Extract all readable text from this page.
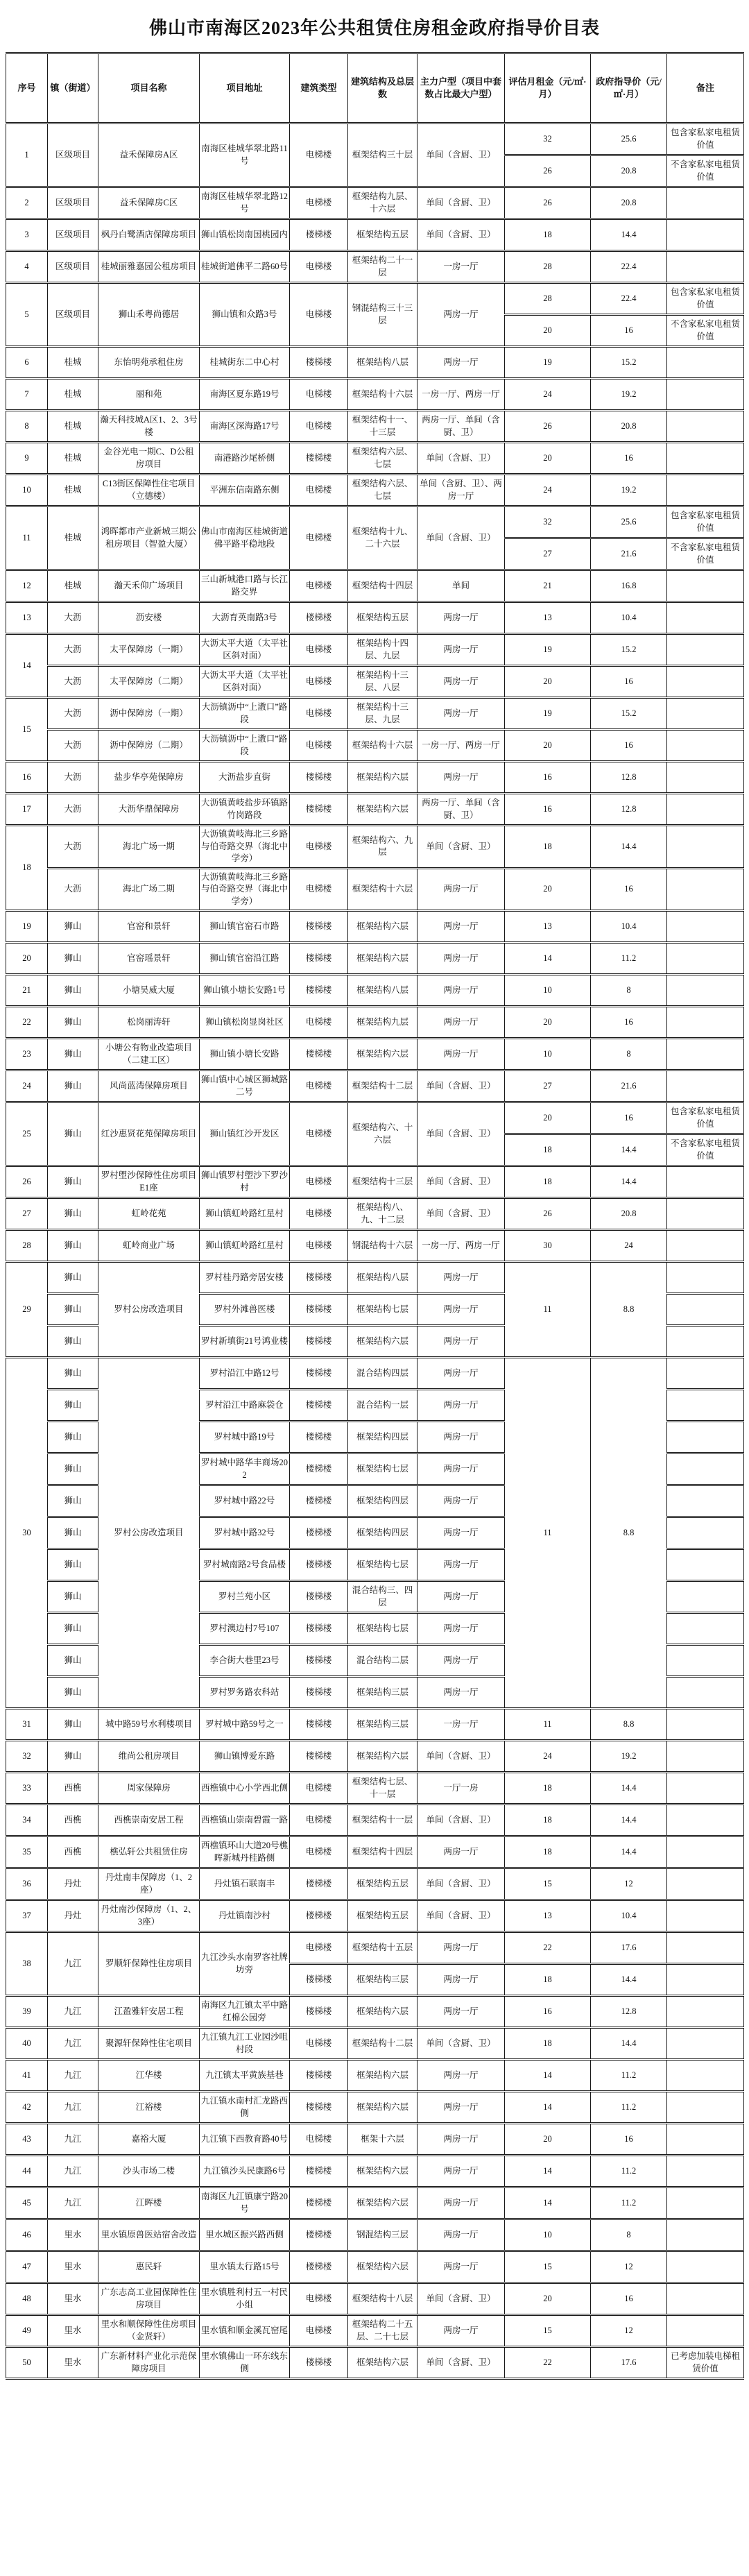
佛山市南海区2023年公共租赁住房租金政府指导价目表
序号	镇（街道）	项目名称	项目地址	建筑类型	建筑结构及总层数	主力户型（项目中套数占比最大户型）	评估月租金（元/㎡·月）	政府指导价（元/㎡·月）	备注
1	区级项目	益禾保障房A区	南海区桂城华翠北路11号	电梯楼	框架结构三十层	单间（含厨、卫）	32	25.6	包含家私家电租赁价值
							26	20.8	不含家私家电租赁价值
2	区级项目	益禾保障房C区	南海区桂城华翠北路12号	电梯楼	框架结构九层、十六层	单间（含厨、卫）	26	20.8	
3	区级项目	枫丹白鹭酒店保障房项目	狮山镇松岗南国桃园内	楼梯楼	框架结构五层	单间（含厨、卫）	18	14.4	
4	区级项目	桂城丽雅嘉园公租房项目	桂城街道佛平二路60号	电梯楼	框架结构二十一层	一房一厅	28	22.4	
5	区级项目	狮山禾粤尚德居	狮山镇和众路3号	电梯楼	钢混结构三十三层	两房一厅	28	22.4	包含家私家电租赁价值
							20	16	不含家私家电租赁价值
6	桂城	东怡明苑承租住房	桂城街东二中心村	楼梯楼	框架结构八层	两房一厅	19	15.2	
7	桂城	丽和苑	南海区夏东路19号	电梯楼	框架结构十六层	一房一厅、两房一厅	24	19.2	
8	桂城	瀚天科技城A区1、2、3号楼	南海区深海路17号	电梯楼	框架结构十一、十三层	两房一厅、单间（含厨、卫）	26	20.8	
9	桂城	金谷光电一期C、D公租房项目	南港路沙尾桥侧	楼梯楼	框架结构六层、七层	单间（含厨、卫）	20	16	
10	桂城	C13街区保障性住宅项目（立德楼）	平洲东信南路东侧	电梯楼	框架结构六层、七层	单间（含厨、卫）、两房一厅	24	19.2	
11	桂城	鸿晖都市产业新城三期公租房项目（智盈大厦）	佛山市南海区桂城街道佛平路平稳地段	电梯楼	框架结构十九、二十六层	单间（含厨、卫）	32	25.6	包含家私家电租赁价值
							27	21.6	不含家私家电租赁价值
12	桂城	瀚天禾仰广场项目	三山新城港口路与长江路交界	电梯楼	框架结构十四层	单间	21	16.8	
13	大沥	沥安楼	大沥育英南路3号	楼梯楼	框架结构五层	两房一厅	13	10.4	
14	大沥	太平保障房（一期）	大沥太平大道（太平社区斜对面）	电梯楼	框架结构十四层、九层	两房一厅	19	15.2	
	大沥	太平保障房（二期）	大沥太平大道（太平社区斜对面）	电梯楼	框架结构十三层、八层	两房一厅	20	16	
15	大沥	沥中保障房（一期）	大沥镇沥中“上漖口”路段	电梯楼	框架结构十三层、九层	两房一厅	19	15.2	
	大沥	沥中保障房（二期）	大沥镇沥中“上漖口”路段	电梯楼	框架结构十六层	一房一厅、两房一厅	20	16	
16	大沥	盐步华亭苑保障房	大沥盐步直街	楼梯楼	框架结构六层	两房一厅	16	12.8	
17	大沥	大沥华鼎保障房	大沥镇黄岐盐步环镇路竹岗路段	楼梯楼	框架结构六层	两房一厅、单间（含厨、卫）	16	12.8	
18	大沥	海北广场一期	大沥镇黄岐海北三乡路与伯奇路交界（海北中学旁）	电梯楼	框架结构六、九层	单间（含厨、卫）	18	14.4	
	大沥	海北广场二期	大沥镇黄岐海北三乡路与伯奇路交界（海北中学旁）	电梯楼	框架结构十六层	两房一厅	20	16	
19	狮山	官窑和景轩	狮山镇官窑石市路	楼梯楼	框架结构六层	两房一厅	13	10.4	
20	狮山	官窑瑶景轩	狮山镇官窑沿江路	楼梯楼	框架结构六层	两房一厅	14	11.2	
21	狮山	小塘昊威大厦	狮山镇小塘长安路1号	楼梯楼	框架结构八层	两房一厅	10	8	
22	狮山	松岗丽涛轩	狮山镇松岗显岗社区	电梯楼	框架结构九层	两房一厅	20	16	
23	狮山	小塘公有物业改造项目（二建工区）	狮山镇小塘长安路	楼梯楼	框架结构六层	两房一厅	10	8	
24	狮山	风尚蓝湾保障房项目	狮山镇中心城区狮城路二号	电梯楼	框架结构十二层	单间（含厨、卫）	27	21.6	
25	狮山	红沙惠贤花苑保障房项目	狮山镇红沙开发区	电梯楼	框架结构六、十六层	单间（含厨、卫）	20	16	包含家私家电租赁价值
							18	14.4	不含家私家电租赁价值
26	狮山	罗村塱沙保障性住房项目E1座	狮山镇罗村塱沙下罗沙村	电梯楼	框架结构十三层	单间（含厨、卫）	18	14.4	
27	狮山	虹岭花苑	狮山镇虹岭路红星村	电梯楼	框架结构八、九、十二层	单间（含厨、卫）	26	20.8	
28	狮山	虹岭商业广场	狮山镇虹岭路红星村	电梯楼	钢混结构十六层	一房一厅、两房一厅	30	24	
29	狮山	罗村公房改造项目	罗村桂丹路旁居安楼	楼梯楼	框架结构八层	两房一厅	11	8.8	
	狮山		罗村外滩兽医楼	楼梯楼	框架结构七层	两房一厅			
	狮山		罗村新填街21号鸿业楼	楼梯楼	框架结构六层	两房一厅			
30	狮山	罗村公房改造项目	罗村沿江中路12号	楼梯楼	混合结构四层	两房一厅	11	8.8	
	狮山		罗村沿江中路麻袋仓	楼梯楼	混合结构一层	两房一厅			
	狮山		罗村城中路19号	楼梯楼	框架结构四层	两房一厅			
	狮山		罗村城中路华丰商场202	楼梯楼	框架结构七层	两房一厅			
	狮山		罗村城中路22号	楼梯楼	框架结构四层	两房一厅			
	狮山		罗村城中路32号	楼梯楼	框架结构四层	两房一厅			
	狮山		罗村城南路2号食品楼	楼梯楼	框架结构七层	两房一厅			
	狮山		罗村兰苑小区	楼梯楼	混合结构三、四层	两房一厅			
	狮山		罗村澳边村7号107	楼梯楼	框架结构七层	两房一厅			
	狮山		李合街大巷里23号	楼梯楼	混合结构二层	两房一厅			
	狮山		罗村罗务路农科站	楼梯楼	框架结构三层	两房一厅			
31	狮山	城中路59号水利楼项目	罗村城中路59号之一	楼梯楼	框架结构三层	一房一厅	11	8.8	
32	狮山	维尚公租房项目	狮山镇博爱东路	楼梯楼	框架结构六层	单间（含厨、卫）	24	19.2	
33	西樵	周家保障房	西樵镇中心小学西北侧	电梯楼	框架结构七层、十一层	一厅一房	18	14.4	
34	西樵	西樵崇南安居工程	西樵镇山崇南碧霞一路	电梯楼	框架结构十一层	单间（含厨、卫）	18	14.4	
35	西樵	樵弘轩公共租赁住房	西樵镇环山大道20号樵晖新城丹桂路侧	电梯楼	框架结构十四层	两房一厅	18	14.4	
36	丹灶	丹灶南丰保障房（1、2座）	丹灶镇石联南丰	楼梯楼	框架结构五层	单间（含厨、卫）	15	12	
37	丹灶	丹灶南沙保障房（1、2、3座）	丹灶镇南沙村	楼梯楼	框架结构五层	单间（含厨、卫）	13	10.4	
38	九江	罗顺轩保障性住房项目	九江沙头水南罗客社牌坊旁	电梯楼	框架结构十五层	两房一厅	22	17.6	
				楼梯楼	框架结构三层	两房一厅	18	14.4	
39	九江	江盈雅轩安居工程	南海区九江镇太平中路红棉公园旁	楼梯楼	框架结构六层	两房一厅	16	12.8	
40	九江	聚源轩保障性住宅项目	九江镇九江工业园沙咀村段	电梯楼	框架结构十二层	单间（含厨、卫）	18	14.4	
41	九江	江华楼	九江镇太平黄族基巷	楼梯楼	框架结构六层	两房一厅	14	11.2	
42	九江	江裕楼	九江镇水南村汇龙路西侧	楼梯楼	框架结构六层	两房一厅	14	11.2	
43	九江	嘉裕大厦	九江镇下西教育路40号	电梯楼	框架十六层	两房一厅	20	16	
44	九江	沙头市场二楼	九江镇沙头民康路6号	楼梯楼	框架结构六层	两房一厅	14	11.2	
45	九江	江晖楼	南海区九江镇康宁路20号	楼梯楼	框架结构六层	两房一厅	14	11.2	
46	里水	里水镇原兽医站宿舍改造	里水城区振兴路西侧	楼梯楼	钢混结构三层	两房一厅	10	8	
47	里水	惠民轩	里水镇太行路15号	楼梯楼	框架结构六层	两房一厅	15	12	
48	里水	广东志高工业园保障性住房项目	里水镇胜利村五一村民小组	电梯楼	框架结构十八层	单间（含厨、卫）	20	16	
49	里水	里水和顺保障性住房项目（金贤轩）	里水镇和顺金溪瓦窑尾	电梯楼	框架结构二十五层、二十七层	两房一厅	15	12	
50	里水	广东新材料产业化示范保障房项目	里水镇佛山一环东线东侧	楼梯楼	框架结构六层	单间（含厨、卫）	22	17.6	已考虑加装电梯租赁价值
